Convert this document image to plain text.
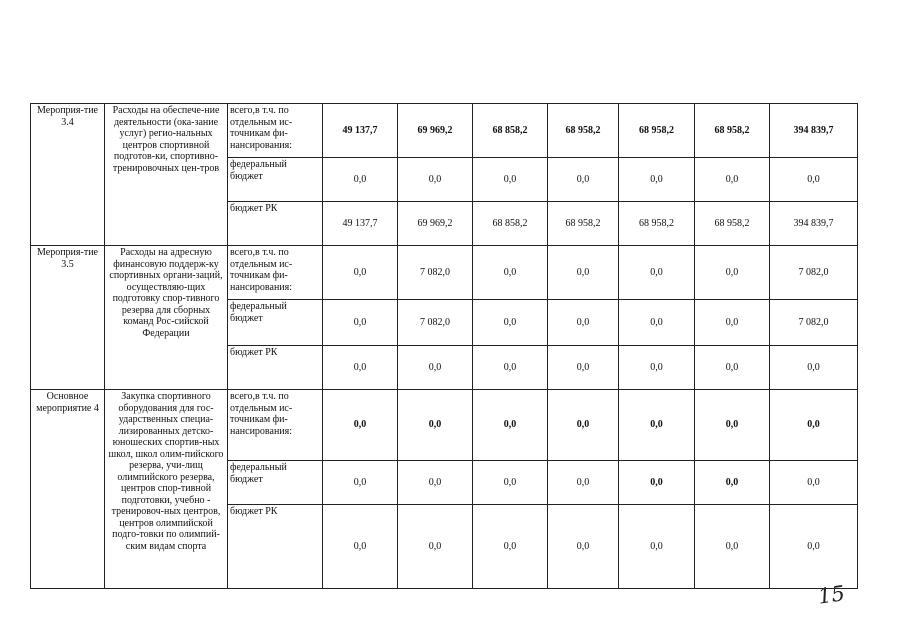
Мероприя-тие 3.4	Расходы на обеспече-ние деятельности (ока-зание услуг) регио-нальных центров спортивной подготов-ки, спортивно-тренировочных цен-тров	всего,в т.ч. по отдельным ис-точникам фи-нансирования:	49 137,7	69 969,2	68 858,2	68 958,2	68 958,2	68 958,2	394 839,7
		федеральный бюджет	0,0	0,0	0,0	0,0	0,0	0,0	0,0
		бюджет РК	49 137,7	69 969,2	68 858,2	68 958,2	68 958,2	68 958,2	394 839,7
Мероприя-тие 3.5	Расходы на адресную финансовую поддерж-ку спортивных органи-заций, осуществляю-щих подготовку спор-тивного резерва для сборных команд Рос-сийской Федерации	всего,в т.ч. по отдельным ис-точникам фи-нансирования:	0,0	7 082,0	0,0	0,0	0,0	0,0	7 082,0
		федеральный бюджет	0,0	7 082,0	0,0	0,0	0,0	0,0	7 082,0
		бюджет РК	0,0	0,0	0,0	0,0	0,0	0,0	0,0
Основное мероприятие 4	Закупка спортивного оборудования для гос-ударственных специа-лизированных детско-юношеских спортив-ных школ, школ олим-пийского резерва, учи-лищ олимпийского резерва, центров спор-тивной подготовки, учебно - тренировоч-ных центров, центров олимпийской подго-товки по олимпий-ским видам спорта	всего,в т.ч. по отдельным ис-точникам фи-нансирования:	0,0	0,0	0,0	0,0	0,0	0,0	0,0
		федеральный бюджет	0,0	0,0	0,0	0,0	0,0	0,0	0,0
		бюджет РК	0,0	0,0	0,0	0,0	0,0	0,0	0,0
15
